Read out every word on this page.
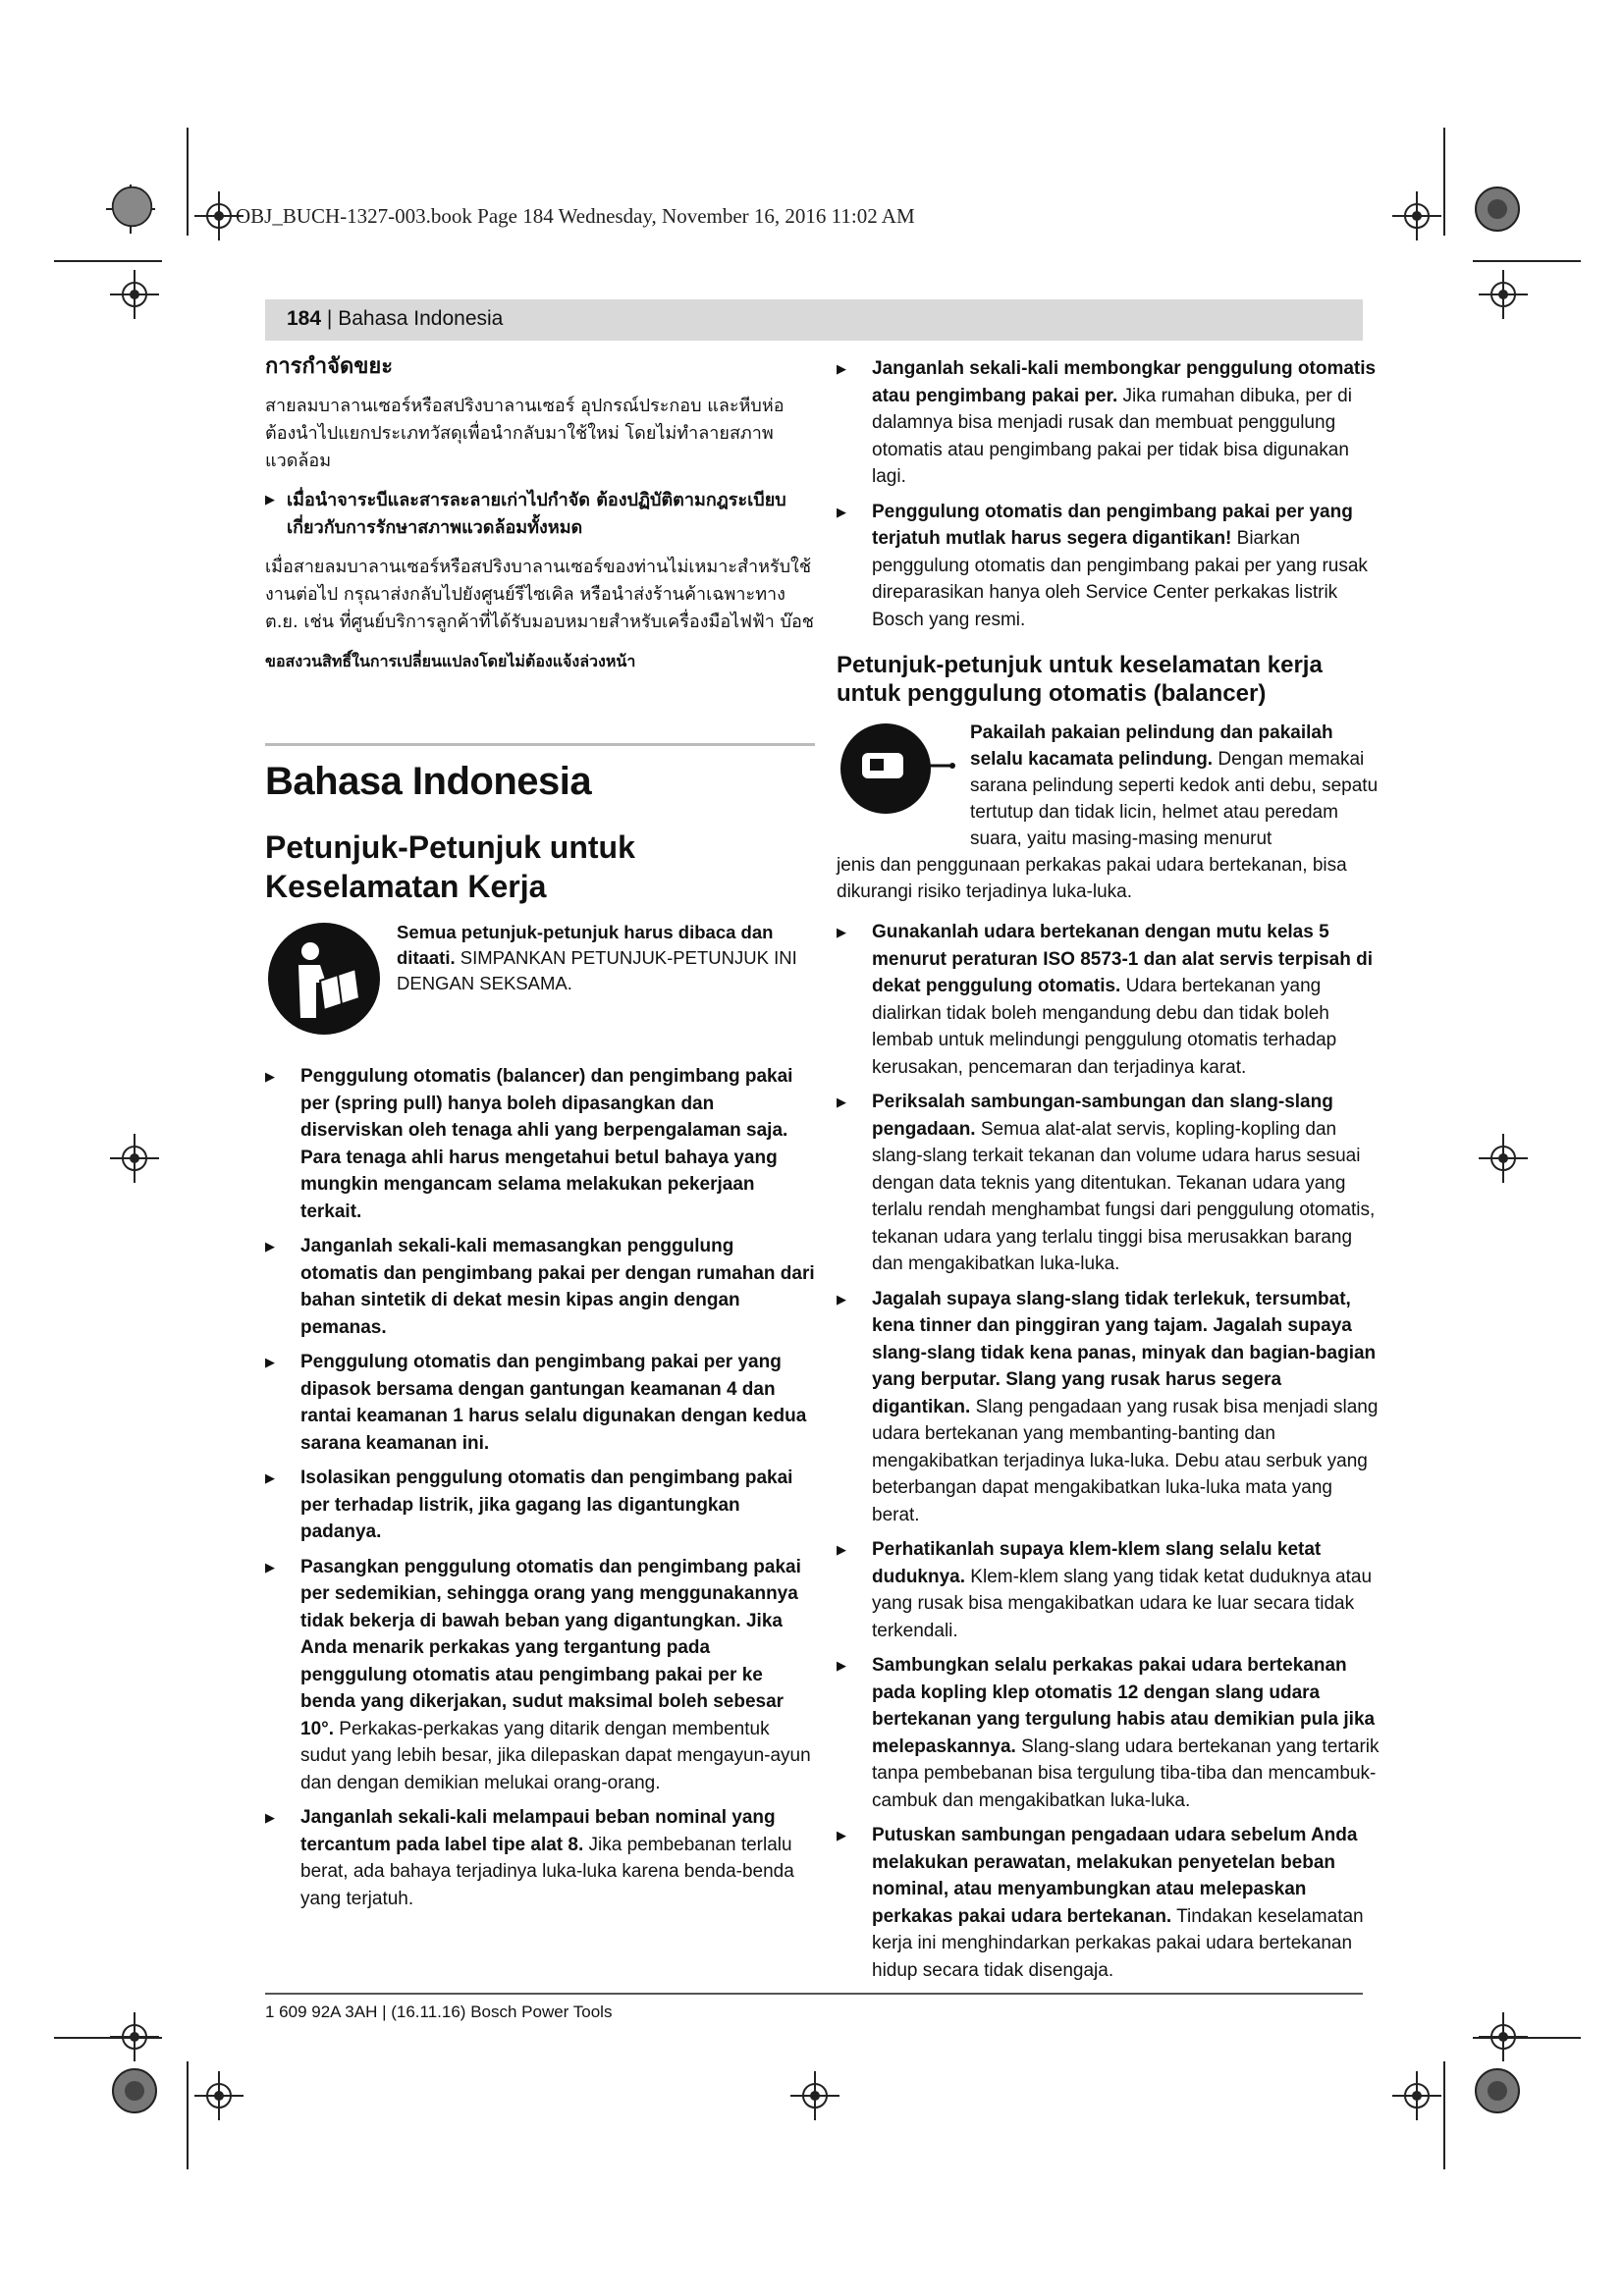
OBJ_BUCH-1327-003.book Page 184 Wednesday, November 16, 2016 11:02 AM
184 | Bahasa Indonesia
การกำจัดขยะ

สายลมบาลานเซอร์หรือสปริงบาลานเซอร์ อุปกรณ์ประกอบ และหีบห่อ ต้องนำไปแยกประเภทวัสดุเพื่อนำกลับมาใช้ใหม่ โดยไม่ทำลายสภาพแวดล้อม

▶ เมื่อนำจาระบีและสารละลายเก่าไปกำจัด ต้องปฏิบัติตามกฎระเบียบเกี่ยวกับการรักษาสภาพแวดล้อมทั้งหมด

เมื่อสายลมบาลานเซอร์หรือสปริงบาลานเซอร์ของท่านไม่เหมาะสำหรับใช้งานต่อไป กรุณาส่งกลับไปยังศูนย์รีไซเคิล หรือนำส่งร้านค้าเฉพาะทาง ต.ย. เช่น ที่ศูนย์บริการลูกค้าที่ได้รับมอบหมายสำหรับเครื่องมือไฟฟ้า บ๊อช

ขอสงวนสิทธิ์ในการเปลี่ยนแปลงโดยไม่ต้องแจ้งล่วงหน้า

Bahasa Indonesia
Petunjuk-Petunjuk untuk
Keselamatan Kerja
Semua petunjuk-petunjuk harus dibaca dan ditaati. SIMPANKAN PETUNJUK-PETUNJUK INI DENGAN SEKSAMA.

▶ Penggulung otomatis (balancer) dan pengimbang pakai per (spring pull) hanya boleh dipasangkan dan diserviskan oleh tenaga ahli yang berpengalaman saja. Para tenaga ahli harus mengetahui betul bahaya yang mungkin mengancam selama melakukan pekerjaan terkait.

▶ Janganlah sekali-kali memasangkan penggulung otomatis dan pengimbang pakai per dengan rumahan dari bahan sintetik di dekat mesin kipas angin dengan pemanas.

▶ Penggulung otomatis dan pengimbang pakai per yang dipasok bersama dengan gantungan keamanan 4 dan rantai keamanan 1 harus selalu digunakan dengan kedua sarana keamanan ini.

▶ Isolasikan penggulung otomatis dan pengimbang pakai per terhadap listrik, jika gagang las digantungkan padanya.

▶ Pasangkan penggulung otomatis dan pengimbang pakai per sedemikian, sehingga orang yang menggunakannya tidak bekerja di bawah beban yang digantungkan. Jika Anda menarik perkakas yang tergantung pada penggulung otomatis atau pengimbang pakai per ke benda yang dikerjakan, sudut maksimal boleh sebesar 10°. Perkakas-perkakas yang ditarik dengan membentuk sudut yang lebih besar, jika dilepaskan dapat mengayun-ayun dan dengan demikian melukai orang-orang.

▶ Janganlah sekali-kali melampaui beban nominal yang tercantum pada label tipe alat 8. Jika pembebanan terlalu berat, ada bahaya terjadinya luka-luka karena benda-benda yang terjatuh.

▶ Janganlah sekali-kali membongkar penggulung otomatis atau pengimbang pakai per. Jika rumahan dibuka, per di dalamnya bisa menjadi rusak dan membuat penggulung otomatis atau pengimbang pakai per tidak bisa digunakan lagi.

▶ Penggulung otomatis dan pengimbang pakai per yang terjatuh mutlak harus segera digantikan! Biarkan penggulung otomatis dan pengimbang pakai per yang rusak direparasikan hanya oleh Service Center perkakas listrik Bosch yang resmi.

Petunjuk-petunjuk untuk keselamatan kerja untuk penggulung otomatis (balancer)
Pakailah pakaian pelindung dan pakailah selalu kacamata pelindung. Dengan memakai sarana pelindung seperti kedok anti debu, sepatu tertutup dan tidak licin, helmet atau peredam suara, yaitu masing-masing menurut

jenis dan penggunaan perkakas pakai udara bertekanan, bisa dikurangi risiko terjadinya luka-luka.

▶ Gunakanlah udara bertekanan dengan mutu kelas 5 menurut peraturan ISO 8573-1 dan alat servis terpisah di dekat penggulung otomatis. Udara bertekanan yang dialirkan tidak boleh mengandung debu dan tidak boleh lembab untuk melindungi penggulung otomatis terhadap kerusakan, pencemaran dan terjadinya karat.

▶ Periksalah sambungan-sambungan dan slang-slang pengadaan. Semua alat-alat servis, kopling-kopling dan slang-slang terkait tekanan dan volume udara harus sesuai dengan data teknis yang ditentukan. Tekanan udara yang terlalu rendah menghambat fungsi dari penggulung otomatis, tekanan udara yang terlalu tinggi bisa merusakkan barang dan mengakibatkan luka-luka.

▶ Jagalah supaya slang-slang tidak terlekuk, tersumbat, kena tinner dan pinggiran yang tajam. Jagalah supaya slang-slang tidak kena panas, minyak dan bagian-bagian yang berputar. Slang yang rusak harus segera digantikan. Slang pengadaan yang rusak bisa menjadi slang udara bertekanan yang membanting-banting dan mengakibatkan terjadinya luka-luka. Debu atau serbuk yang beterbangan dapat mengakibatkan luka-luka mata yang berat.

▶ Perhatikanlah supaya klem-klem slang selalu ketat duduknya. Klem-klem slang yang tidak ketat duduknya atau yang rusak bisa mengakibatkan udara ke luar secara tidak terkendali.

▶ Sambungkan selalu perkakas pakai udara bertekanan pada kopling klep otomatis 12 dengan slang udara bertekanan yang tergulung habis atau demikian pula jika melepaskannya. Slang-slang udara bertekanan yang tertarik tanpa pembebanan bisa tergulung tiba-tiba dan mencambuk-cambuk dan mengakibatkan luka-luka.

▶ Putuskan sambungan pengadaan udara sebelum Anda melakukan perawatan, melakukan penyetelan beban nominal, atau menyambungkan atau melepaskan perkakas pakai udara bertekanan. Tindakan keselamatan kerja ini menghindarkan perkakas pakai udara bertekanan hidup secara tidak disengaja.

1 609 92A 3AH | (16.11.16) Bosch Power Tools
